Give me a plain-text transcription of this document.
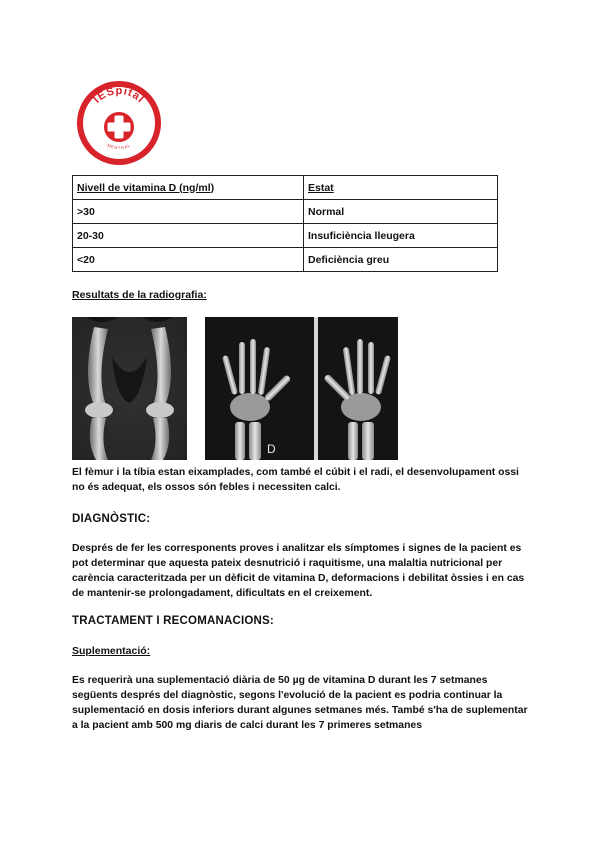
lESpital
MENTHAL
Nivell de vitamina D (ng/ml)	Estat
>30	Normal
20-30	Insuficiència lleugera
<20	Deficiència greu

Resultats de la radiografia:

D

El fèmur i la tíbia estan eixamplades, com també el cúbit i el radi, el desenvolupament ossi no és adequat, els ossos són febles i necessiten calci.

DIAGNÒSTIC:

Després de fer les corresponents proves i analitzar els símptomes i signes de la pacient es pot determinar que aquesta pateix desnutrició i raquitisme, una malaltia nutricional per carència caracteritzada per un dèficit de vitamina D, deformacions i debilitat òssies i en cas de mantenir-se prolongadament, dificultats en el creixement.

TRACTAMENT I RECOMANACIONS:

Suplementació:

Es requerirà una suplementació diària de 50 µg de vitamina D durant les 7 setmanes següents després del diagnòstic, segons l'evolució de la pacient es podria continuar la suplementació en dosis inferiors durant algunes setmanes més. També s'ha de suplementar a la pacient amb 500 mg diaris de calci durant les 7 primeres setmanes
